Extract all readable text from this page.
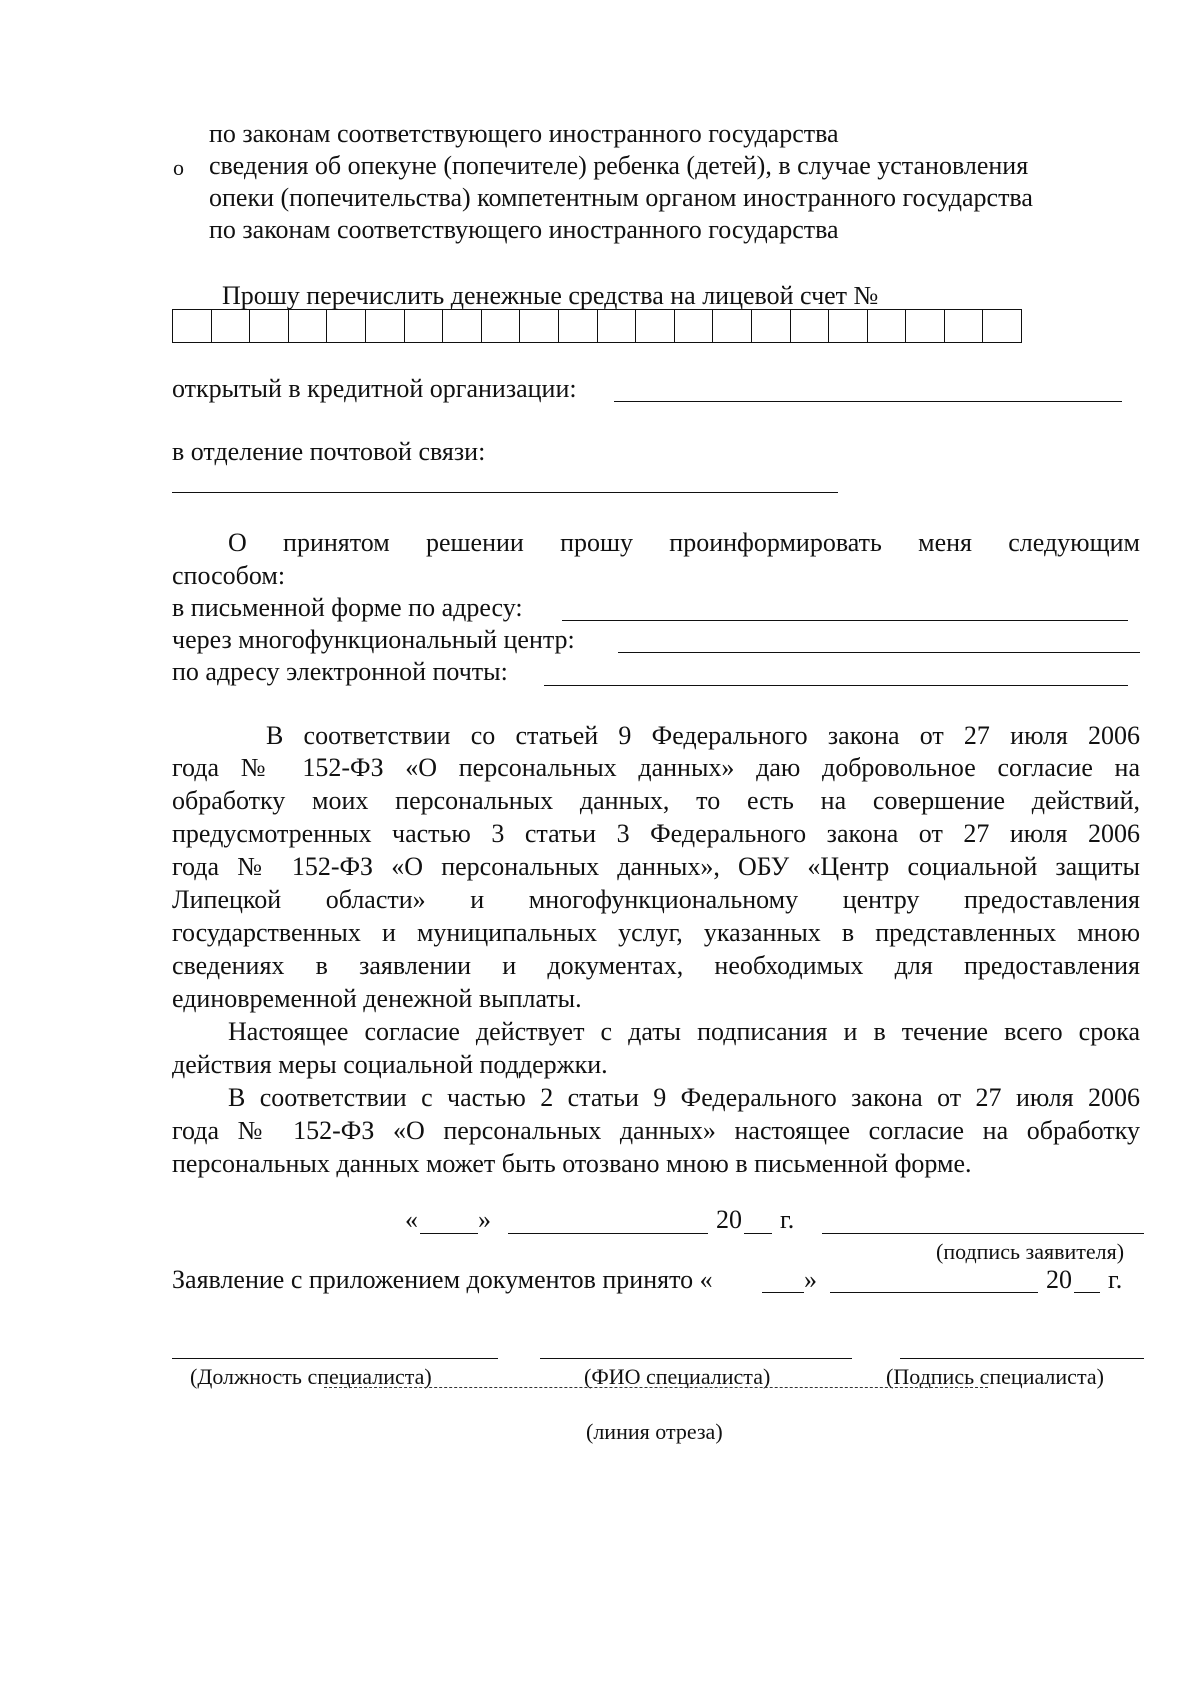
по законам соответствующего иностранного государства
o сведения об опекуне (попечителе) ребенка (детей), в случае установления
опеки (попечительства) компетентным органом иностранного государства
по законам соответствующего иностранного государства
Прошу перечислить денежные средства на лицевой счет №
открытый в кредитной организации:
в отделение почтовой связи:
О принятом решении прошу проинформировать меня следующим
способом:
в письменной форме по адресу:
через многофункциональный центр:
по адресу электронной почты:
В соответствии со статьей 9 Федерального закона от 27 июля 2006
года № 152-ФЗ «О персональных данных» даю добровольное согласие на
обработку моих персональных данных, то есть на совершение действий,
предусмотренных частью 3 статьи 3 Федерального закона от 27 июля 2006
года № 152-ФЗ «О персональных данных», ОБУ «Центр социальной защиты
Липецкой области» и многофункциональному центру предоставления
государственных и муниципальных услуг, указанных в представленных мною
сведениях в заявлении и документах, необходимых для предоставления
единовременной денежной выплаты.
Настоящее согласие действует с даты подписания и в течение всего срока
действия меры социальной поддержки.
В соответствии с частью 2 статьи 9 Федерального закона от 27 июля 2006
года № 152-ФЗ «О персональных данных» настоящее согласие на обработку
персональных данных может быть отозвано мною в письменной форме.
« »	20 г.
(подпись заявителя)
Заявление с приложением документов принято «	»	20 г.
(Должность специалиста)	(ФИО специалиста)	(Подпись специалиста)
(линия отреза)
